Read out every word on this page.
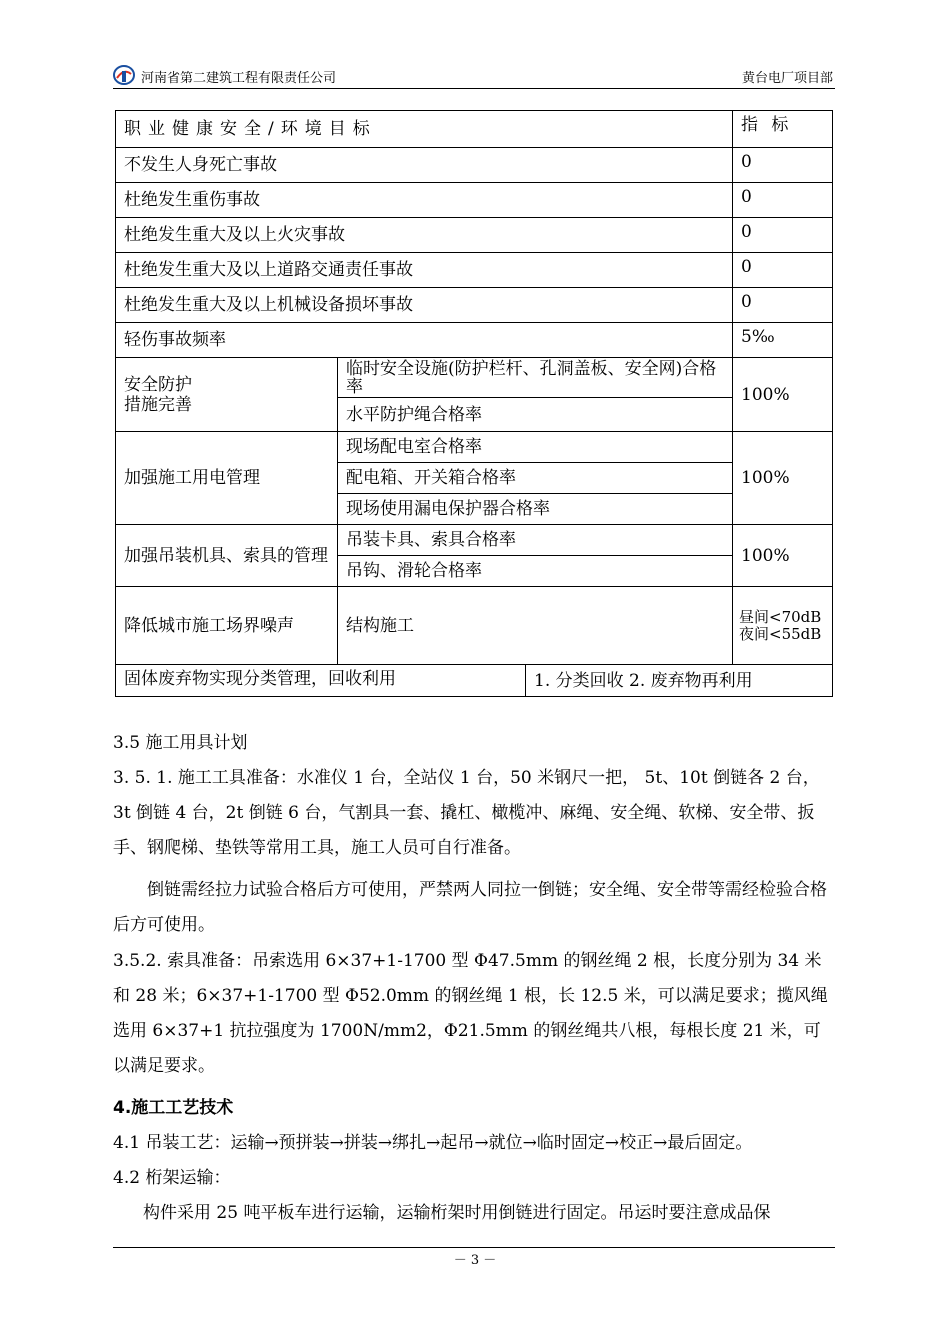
河南省第二建筑工程有限责任公司	黄台电厂项目部
职业健康安全/环境目标			指 标
不发生人身死亡事故			0
杜绝发生重伤事故			0
杜绝发生重大及以上火灾事故			0
杜绝发生重大及以上道路交通责任事故			0
杜绝发生重大及以上机械设备损坏事故			0
轻伤事故频率			5‰

安全防护
措施完善	临时安全设施(防护栏杆、孔洞盖板、安全网)合格率		100%
	水平防护绳合格率		
加强施工用电管理	现场配电室合格率		100%
	配电箱、开关箱合格率		
	现场使用漏电保护器合格率		
加强吊装机具、索具的管理	吊装卡具、索具合格率		100%
	吊钩、滑轮合格率		
降低城市施工场界噪声	结构施工		昼间<70dB
夜间<55dB

固体废弃物实现分类管理，回收利用		1. 分类回收 2. 废弃物再利用	

3.5 施工用具计划

3. 5. 1. 施工工具准备：水准仪 1 台，全站仪 1 台，50 米钢尺一把， 5t、10t 倒链各 2 台，3t 倒链 4 台，2t 倒链 6 台，气割具一套、撬杠、橄榄冲、麻绳、安全绳、软梯、安全带、扳手、钢爬梯、垫铁等常用工具，施工人员可自行准备。

倒链需经拉力试验合格后方可使用，严禁两人同拉一倒链；安全绳、安全带等需经检验合格后方可使用。

3.5.2. 索具准备：吊索选用 6×37+1-1700 型 Φ47.5mm 的钢丝绳 2 根，长度分别为 34 米和 28 米；6×37+1-1700 型 Φ52.0mm 的钢丝绳 1 根，长 12.5 米，可以满足要求；揽风绳选用 6×37+1 抗拉强度为 1700N/mm2，Φ21.5mm 的钢丝绳共八根，每根长度 21 米，可以满足要求。

4.施工工艺技术

4.1 吊装工艺：运输→预拼装→拼装→绑扎→起吊→就位→临时固定→校正→最后固定。

4.2 桁架运输：

构件采用 25 吨平板车进行运输，运输桁架时用倒链进行固定。吊运时要注意成品保

－ 3 －
